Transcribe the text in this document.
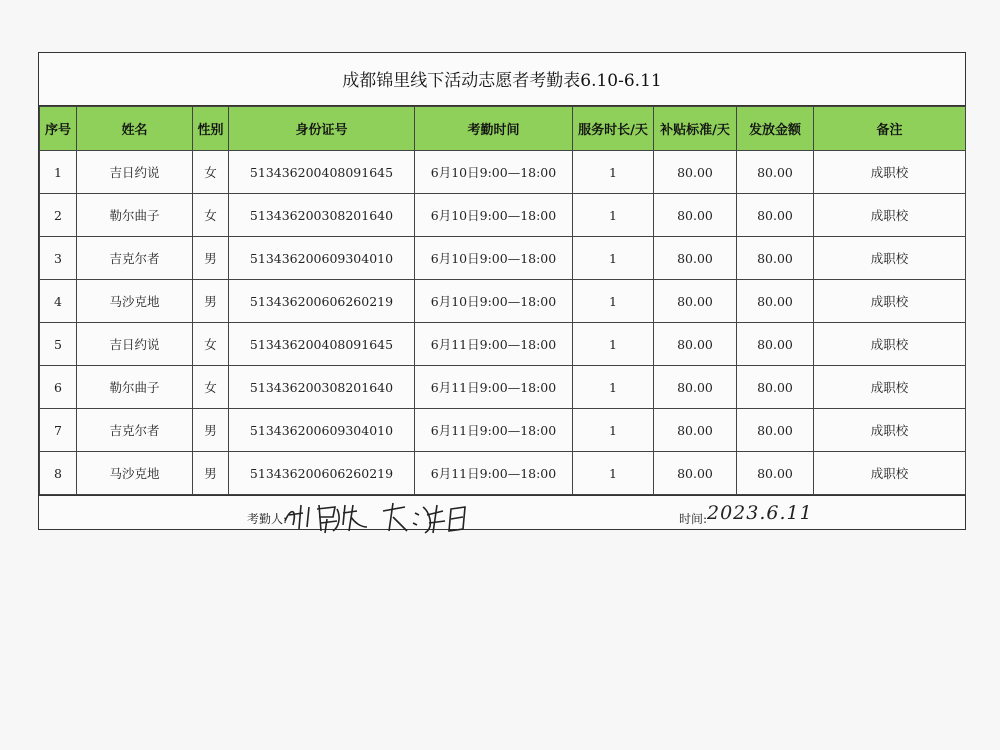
成都锦里线下活动志愿者考勤表6.10-6.11
序号	姓名	性别	身份证号	考勤时间	服务时长/天	补贴标准/天	发放金额	备注
1	吉日约说	女	513436200408091645	6月10日9:00—18:00	1	80.00	80.00	成职校
2	勒尔曲子	女	513436200308201640	6月10日9:00—18:00	1	80.00	80.00	成职校
3	吉克尔者	男	513436200609304010	6月10日9:00—18:00	1	80.00	80.00	成职校
4	马沙克地	男	513436200606260219	6月10日9:00—18:00	1	80.00	80.00	成职校
5	吉日约说	女	513436200408091645	6月11日9:00—18:00	1	80.00	80.00	成职校
6	勒尔曲子	女	513436200308201640	6月11日9:00—18:00	1	80.00	80.00	成职校
7	吉克尔者	男	513436200609304010	6月11日9:00—18:00	1	80.00	80.00	成职校
8	马沙克地	男	513436200606260219	6月11日9:00—18:00	1	80.00	80.00	成职校
考勤人:	时间: 2023.6.11
